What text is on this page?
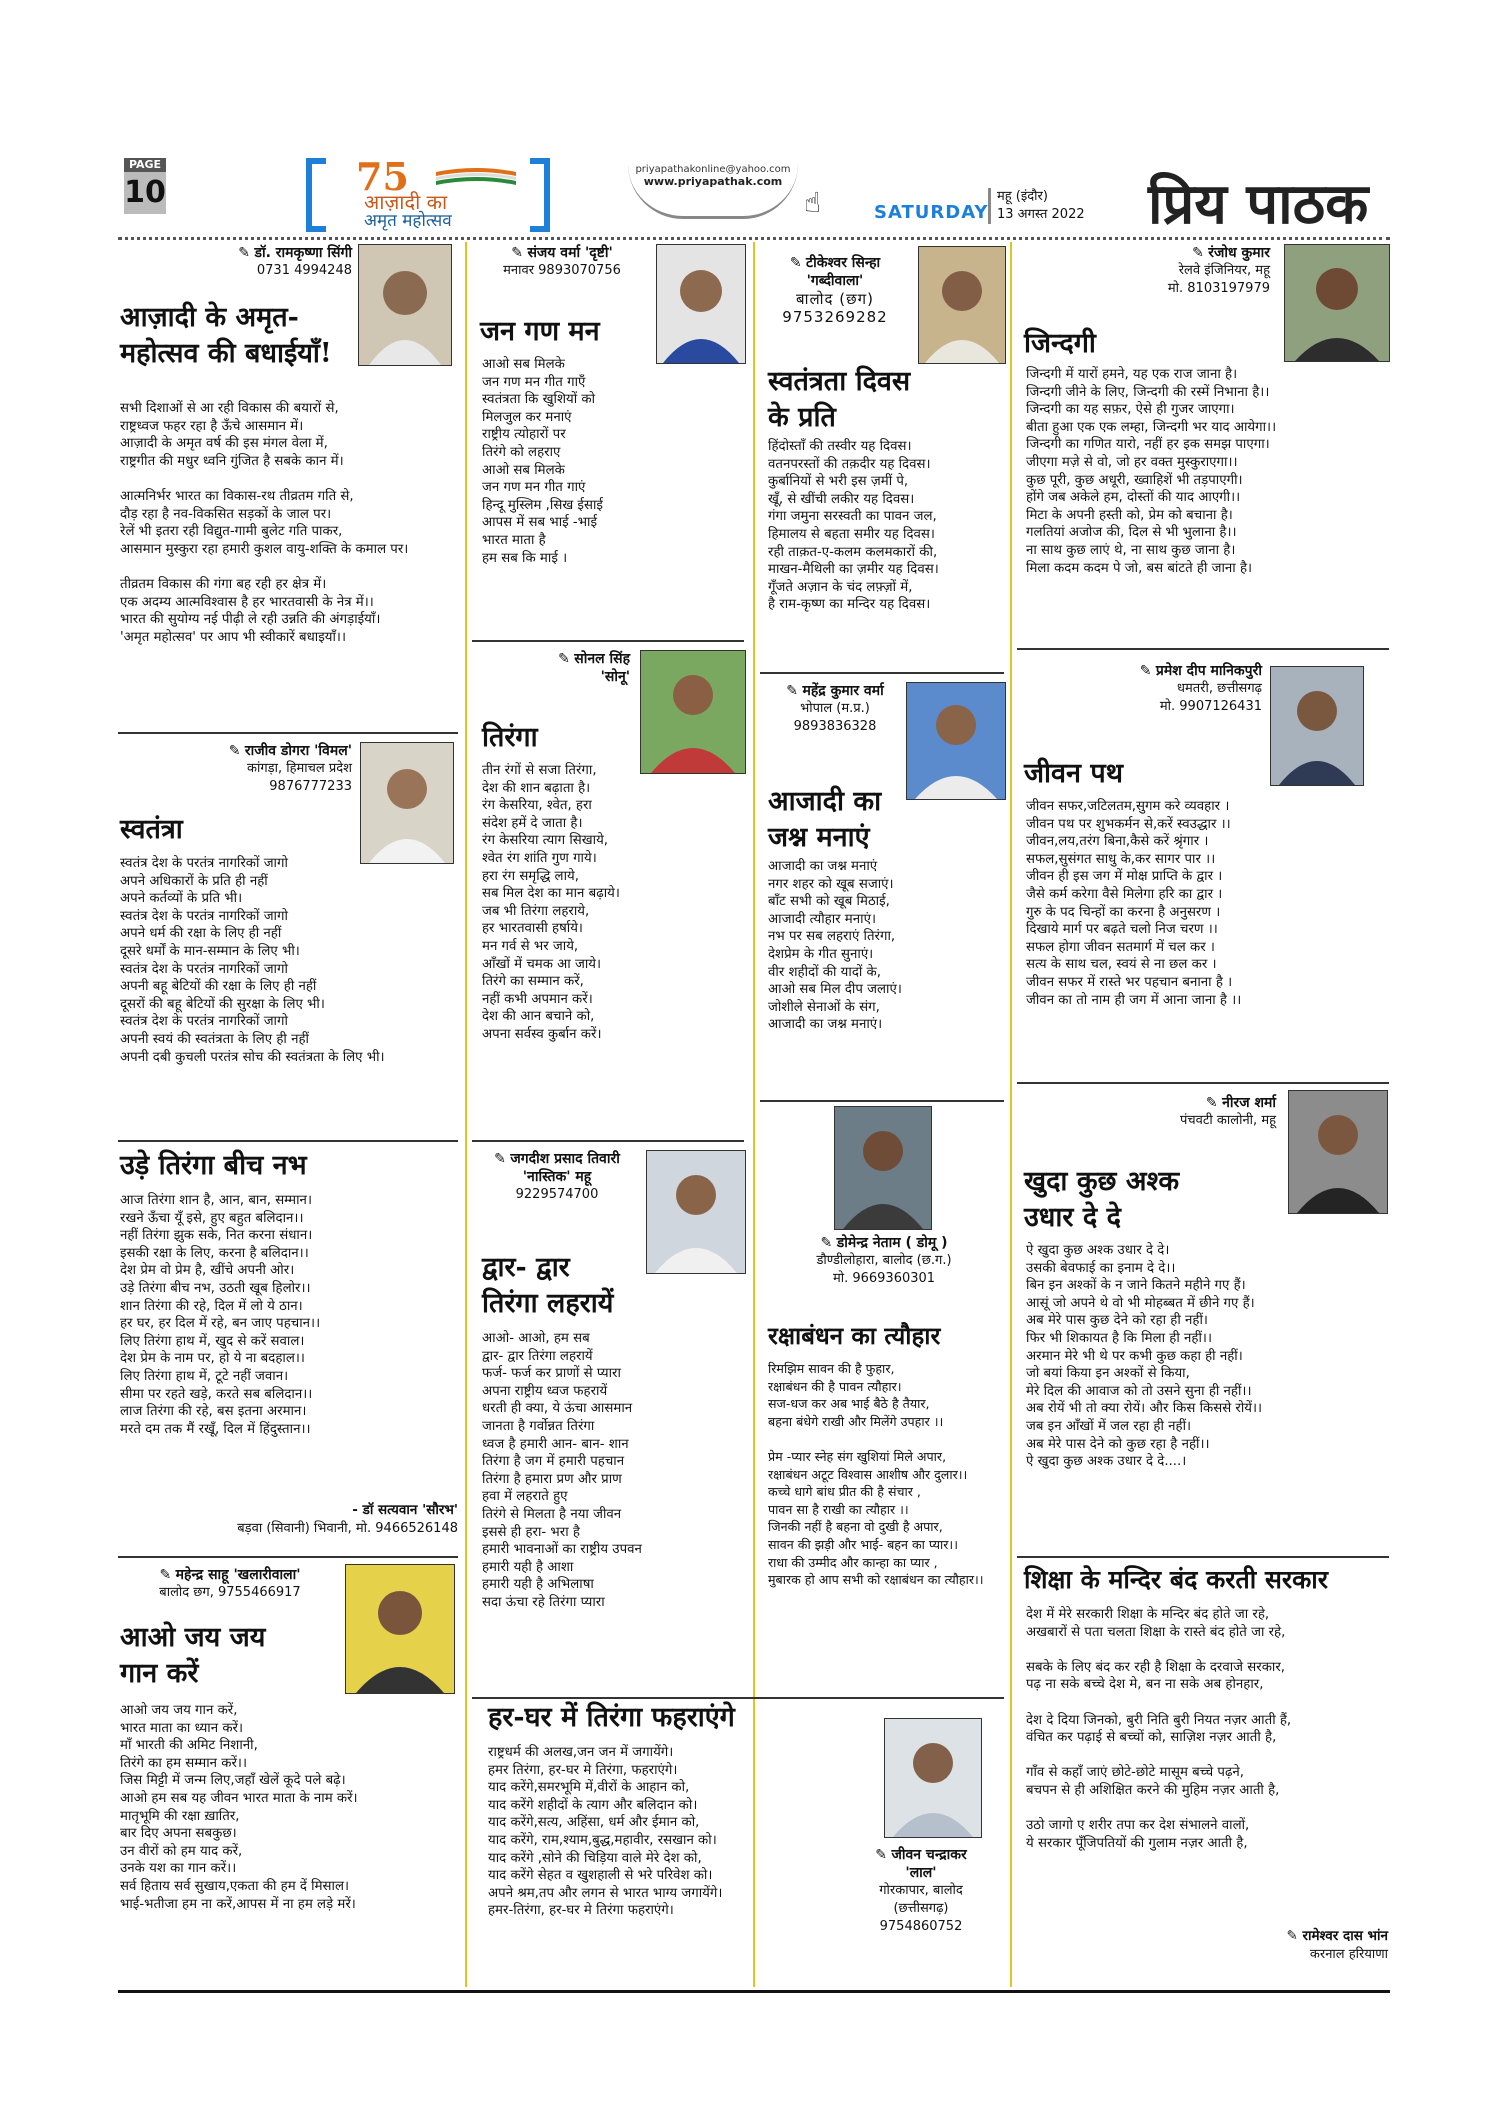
PAGE
10	75
आज़ादी का
अमृत महोत्सव
priyapathakonline@yahoo.com
www.priyapathak.com
☝	SATURDAY
महू (इंदौर)
13 अगस्त 2022 प्रिय पाठक
✎ डॉ. रामकृष्णा सिंगी
0731 4994248
आज़ादी के अमृत-
महोत्सव की बधाईयाँ!
सभी दिशाओं से आ रही विकास की बयारों से,
राष्ट्रध्वज फहर रहा है ऊँचे आसमान में।
आज़ादी के अमृत वर्ष की इस मंगल वेला में,
राष्ट्रगीत की मधुर ध्वनि गुंजित है सबके कान में।

आत्मनिर्भर भारत का विकास-रथ तीव्रतम गति से,
दौड़ रहा है नव-विकसित सड़कों के जाल पर।
रेलें भी इतरा रही विद्युत-गामी बुलेट गति पाकर,
आसमान मुस्कुरा रहा हमारी कुशल वायु-शक्ति के कमाल पर।

तीव्रतम विकास की गंगा बह रही हर क्षेत्र में।
एक अदम्य आत्मविश्वास है हर भारतवासी के नेत्र में।।
भारत की सुयोग्य नई पीढ़ी ले रही उन्नति की अंगड़ाईयाँ।
'अमृत महोत्सव' पर आप भी स्वीकारें बधाइयाँ।।
✎ राजीव डोगरा 'विमल'
कांगड़ा, हिमाचल प्रदेश
9876777233
स्वतंत्रा
स्वतंत्र देश के परतंत्र नागरिकों जागो
अपने अधिकारों के प्रति ही नहीं
अपने कर्तव्यों के प्रति भी।
स्वतंत्र देश के परतंत्र नागरिकों जागो
अपने धर्म की रक्षा के लिए ही नहीं
दूसरे धर्मों के मान-सम्मान के लिए भी।
स्वतंत्र देश के परतंत्र नागरिकों जागो
अपनी बहू बेटियों की रक्षा के लिए ही नहीं
दूसरों की बहू बेटियों की सुरक्षा के लिए भी।
स्वतंत्र देश के परतंत्र नागरिकों जागो
अपनी स्वयं की स्वतंत्रता के लिए ही नहीं
अपनी दबी कुचली परतंत्र सोच की स्वतंत्रता के लिए भी।
उड़े तिरंगा बीच नभ
आज तिरंगा शान है, आन, बान, सम्मान।
रखने ऊँचा यूँ इसे, हुए बहुत बलिदान।।
नहीं तिरंगा झुक सके, नित करना संधान।
इसकी रक्षा के लिए, करना है बलिदान।।
देश प्रेम वो प्रेम है, खींचे अपनी ओर।
उड़े तिरंगा बीच नभ, उठती खूब हिलोर।।
शान तिरंगा की रहे, दिल में लो ये ठान।
हर घर, हर दिल में रहे, बन जाए पहचान।।
लिए तिरंगा हाथ में, खुद से करें सवाल।
देश प्रेम के नाम पर, हो ये ना बदहाल।।
लिए तिरंगा हाथ में, टूटे नहीं जवान।
सीमा पर रहते खड़े, करते सब बलिदान।।
लाज तिरंगा की रहे, बस इतना अरमान।
मरते दम तक मैं रखूँ, दिल में हिंदुस्तान।।
- डॉ सत्यवान 'सौरभ'
बड़वा (सिवानी) भिवानी, मो. 9466526148
✎ महेन्द्र साहू 'खलारीवाला'
बालोद छग, 9755466917
आओ जय जय
गान करें
आओ जय जय गान करें,
भारत माता का ध्यान करें।
माँ भारती की अमिट निशानी,
तिरंगे का हम सम्मान करें।।
जिस मिट्टी में जन्म लिए,जहाँ खेलें कूदे पले बढ़े।
आओ हम सब यह जीवन भारत माता के नाम करें।
मातृभूमि की रक्षा ख़ातिर,
बार दिए अपना सबकुछ।
उन वीरों को हम याद करें,
उनके यश का गान करें।।
सर्व हिताय सर्व सुखाय,एकता की हम दें मिसाल।
भाई-भतीजा हम ना करें,आपस में ना हम लड़े मरें।
✎ संजय वर्मा 'दृष्टी'
मनावर 9893070756
जन गण मन
आओ सब मिलके
जन गण मन गीत गाएँ
स्वतंत्रता कि खुशियों को
मिलजुल कर मनाएं
राष्ट्रीय त्योहारों पर
तिरंगे को लहराए
आओ सब मिलके
जन गण मन गीत गाएं
हिन्दू मुस्लिम ,सिख ईसाई
आपस में सब भाई -भाई
भारत माता है
हम सब कि माई ।
✎ सोनल सिंह
'सोनू'
तिरंगा
तीन रंगों से सजा तिरंगा,
देश की शान बढ़ाता है।
रंग केसरिया, श्वेत, हरा
संदेश हमें दे जाता है।
रंग केसरिया त्याग सिखाये,
श्वेत रंग शांति गुण गाये।
हरा रंग समृद्धि लाये,
सब मिल देश का मान बढ़ाये।
जब भी तिरंगा लहराये,
हर भारतवासी हर्षाये।
मन गर्व से भर जाये,
आँखों में चमक आ जाये।
तिरंगे का सम्मान करें,
नहीं कभी अपमान करें।
देश की आन बचाने को,
अपना सर्वस्व कुर्बान करें।
✎ जगदीश प्रसाद तिवारी
'नास्तिक' महू
9229574700
द्वार- द्वार
तिरंगा लहरायें
आओ- आओ, हम सब
द्वार- द्वार तिरंगा लहरायें
फर्ज- फर्ज कर प्राणों से प्यारा
अपना राष्ट्रीय ध्वज फहरायें
धरती ही क्या, ये ऊंचा आसमान
जानता है गर्वोन्नत तिरंगा
ध्वज है हमारी आन- बान- शान
तिरंगा है जग में हमारी पहचान
तिरंगा है हमारा प्रण और प्राण
हवा में लहराते हुए
तिरंगे से मिलता है नया जीवन
इससे ही हरा- भरा है
हमारी भावनाओं का राष्ट्रीय उपवन
हमारी यही है आशा
हमारी यही है अभिलाषा
सदा ऊंचा रहे तिरंगा प्यारा
हर-घर में तिरंगा फहराएंगे
राष्ट्रधर्म की अलख,जन जन में जगायेंगे।
हमर तिरंगा, हर-घर मे तिरंगा, फहराएंगे।
याद करेंगे,समरभूमि में,वीरों के आहान को,
याद करेंगे शहीदों के त्याग और बलिदान को।
याद करेंगे,सत्य, अहिंसा, धर्म और ईमान को,
याद करेंगे, राम,श्याम,बुद्ध,महावीर, रसखान को।
याद करेंगे ,सोने की चिड़िया वाले मेरे देश को,
याद करेंगे सेहत व खुशहाली से भरे परिवेश को।
अपने श्रम,तप और लगन से भारत भाग्य जगायेंगे।
हमर-तिरंगा, हर-घर मे तिरंगा फहराएंगे।
✎ जीवन चन्द्राकर
'लाल'
गोरकापार, बालोद
(छत्तीसगढ़)
9754860752
✎ टीकेश्वर सिन्हा
'गब्दीवाला'
बालोद (छग)
9753269282
स्वतंत्रता दिवस
के प्रति
हिंदोस्ताँ की तस्वीर यह दिवस।
वतनपरस्तों की तक़दीर यह दिवस।
कुर्बानियों से भरी इस ज़मीं पे,
खूँ, से खींची लकीर यह दिवस।
गंगा जमुना सरस्वती का पावन जल,
हिमालय से बहता समीर यह दिवस।
रही ताक़त-ए-कलम कलमकारों की,
माखन-मैथिली का ज़मीर यह दिवस।
गूँजते अज़ान के चंद लफ़्ज़ों में,
है राम-कृष्ण का मन्दिर यह दिवस।
✎ महेंद्र कुमार वर्मा
भोपाल (म.प्र.)
9893836328
आजादी का
जश्न मनाएं
आजादी का जश्न मनाएं
नगर शहर को खूब सजाएं।
बाँट सभी को खूब मिठाई,
आजादी त्यौहार मनाएं।
नभ पर सब लहराएं तिरंगा,
देशप्रेम के गीत सुनाएं।
वीर शहीदों की यादों के,
आओ सब मिल दीप जलाएं।
जोशीले सेनाओं के संग,
आजादी का जश्न मनाएं।
✎ डोमेन्द्र नेताम ( डोमू )
डौण्डीलोहारा, बालोद (छ.ग.)
मो. 9669360301
रक्षाबंधन का त्यौहार
रिमझिम सावन की है फुहार,
रक्षाबंधन की है पावन त्यौहार।
सज-धज कर अब भाई बैठे है तैयार,
बहना बंधेगे राखी और मिलेंगे उपहार ।।

प्रेम -प्यार स्नेह संग खुशियां मिले अपार,
रक्षाबंधन अटूट विश्वास आशीष और दुलार।।
कच्चे धागे बांध प्रीत की है संचार ,
पावन सा है राखी का त्यौहार ।।
जिनकी नहीं है बहना वो दुखी है अपार,
सावन की झड़ी और भाई- बहन का प्यार।।
राधा की उम्मीद और कान्हा का प्यार ,
मुबारक हो आप सभी को रक्षाबंधन का त्यौहार।।
✎ रंजोध कुमार
रेलवे इंजिनियर, महू
मो. 8103197979
जिन्दगी
जिन्दगी में यारों हमने, यह एक राज जाना है।
जिन्दगी जीने के लिए, जिन्दगी की रस्में निभाना है।।
जिन्दगी का यह सफ़र, ऐसे ही गुजर जाएगा।
बीता हुआ एक एक लम्हा, जिन्दगी भर याद आयेगा।।
जिन्दगी का गणित यारो, नहीं हर इक समझ पाएगा।
जीएगा मज़े से वो, जो हर वक्त मुस्कुराएगा।।
कुछ पूरी, कुछ अधूरी, ख्वाहिशें भी तड़पाएगी।
होंगे जब अकेले हम, दोस्तों की याद आएगी।।
मिटा के अपनी हस्ती को, प्रेम को बचाना है।
गलतियां अजोज की, दिल से भी भुलाना है।।
ना साथ कुछ लाएं थे, ना साथ कुछ जाना है।
मिला कदम कदम पे जो, बस बांटते ही जाना है।
✎ प्रमेश दीप मानिकपुरी
धमतरी, छत्तीसगढ़
मो. 9907126431
जीवन पथ
जीवन सफर,जटिलतम,सुगम करे व्यवहार ।
जीवन पथ पर शुभकर्मन से,करें स्वउद्धार ।।
जीवन,लय,तरंग बिना,कैसे करें श्रृंगार ।
सफल,सुसंगत साधु के,कर सागर पार ।।
जीवन ही इस जग में मोक्ष प्राप्ति के द्वार ।
जैसे कर्म करेगा वैसे मिलेगा हरि का द्वार ।
गुरु के पद चिन्हों का करना है अनुसरण ।
दिखाये मार्ग पर बढ़ते चलो निज चरण ।।
सफल होगा जीवन सतमार्ग में चल कर ।
सत्य के साथ चल, स्वयं से ना छल कर ।
जीवन सफर में रास्ते भर पहचान बनाना है ।
जीवन का तो नाम ही जग में आना जाना है ।।
✎ नीरज शर्मा
पंचवटी कालोनी, महू
खुदा कुछ अश्क
उधार दे दे
ऐ खुदा कुछ अश्क उधार दे दे।
उसकी बेवफाई का इनाम दे दे।।
बिन इन अश्कों के न जाने कितने महीने गए हैं।
आसूं जो अपने थे वो भी मोहब्बत में छीने गए हैं।
अब मेरे पास कुछ देने को रहा ही नहीं।
फिर भी शिकायत है कि मिला ही नहीं।।
अरमान मेरे भी थे पर कभी कुछ कहा ही नहीं।
जो बयां किया इन अश्कों से किया,
मेरे दिल की आवाज को तो उसने सुना ही नहीं।।
अब रोयें भी तो क्या रोयें। और किस किससे रोयें।।
जब इन आँखों में जल रहा ही नहीं।
अब मेरे पास देने को कुछ रहा है नहीं।।
ऐ खुदा कुछ अश्क उधार दे दे....।
शिक्षा के मन्दिर बंद करती सरकार
देश में मेरे सरकारी शिक्षा के मन्दिर बंद होते जा रहे,
अखबारों से पता चलता शिक्षा के रास्ते बंद होते जा रहे,

सबके के लिए बंद कर रही है शिक्षा के दरवाजे सरकार,
पढ़ ना सके बच्चे देश मे, बन ना सके अब होनहार,

देश दे दिया जिनको, बुरी निति बुरी नियत नज़र आती हैं,
वंचित कर पढ़ाई से बच्चों को, साज़िश नज़र आती है,

गाँव से कहाँ जाएं छोटे-छोटे मासूम बच्चे पढ़ने,
बचपन से ही अशिक्षित करने की मुहिम नज़र आती है,

उठो जागो ए शरीर तपा कर देश संभालने वालों,
ये सरकार पूँजिपतियों की गुलाम नज़र आती है,
✎ रामेश्वर दास भांन
करनाल हरियाणा
